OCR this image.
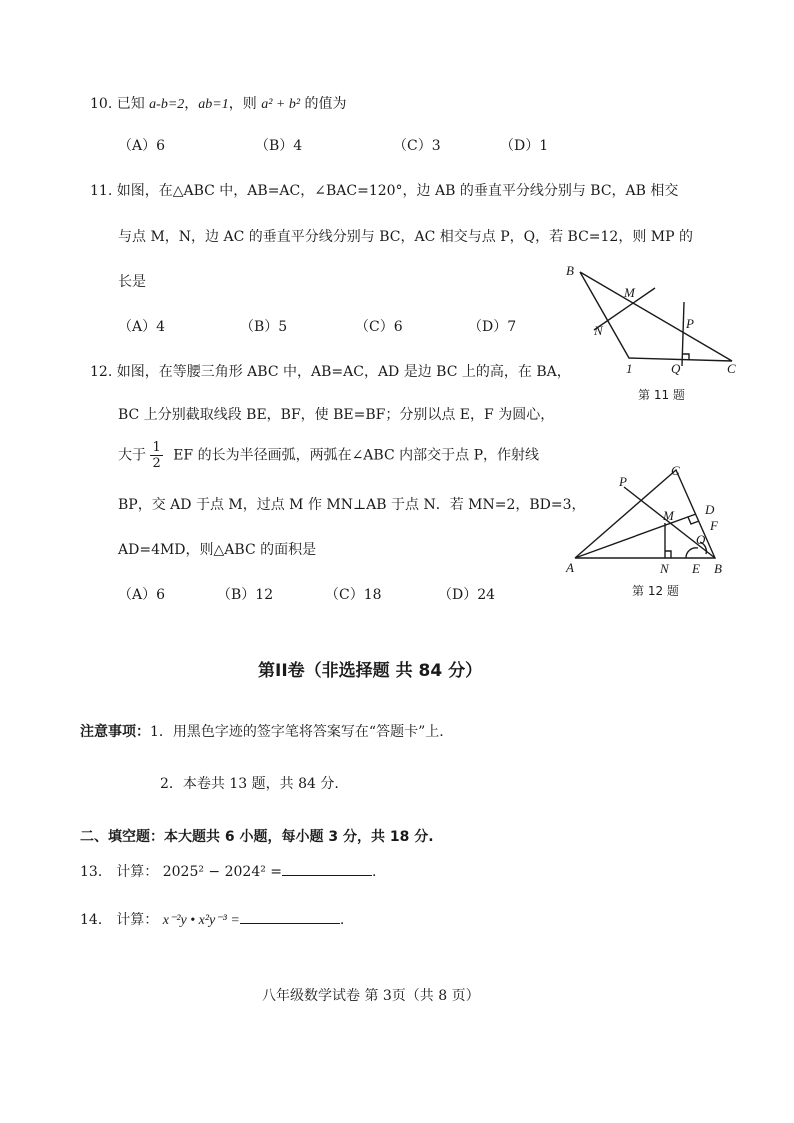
10. 已知 a-b=2，ab=1，则 a² + b² 的值为
（A）6	（B）4	（C）3	（D）1
11. 如图，在△ABC 中，AB=AC，∠BAC=120°，边 AB 的垂直平分线分别与 BC，AB 相交
与点 M，N，边 AC 的垂直平分线分别与 BC，AC 相交与点 P，Q，若 BC=12，则 MP 的
长是
（A）4	（B）5	（C）6	（D）7
B
M
N	P
1	Q	C
第 11 题
12. 如图，在等腰三角形 ABC 中，AB=AC，AD 是边 BC 上的高，在 BA，
BC 上分别截取线段 BE，BF，使 BE=BF；分别以点 E，F 为圆心，
大于 $\frac{1}{2}$ EF 的长为半径画弧，两弧在∠ABC 内部交于点 P，作射线
BP，交 AD 于点 M，过点 M 作 MN⊥AB 于点 N．若 MN=2，BD=3，
AD=4MD，则△ABC 的面积是
（A）6	（B）12	（C）18	（D）24
P
C
D
M
F
O
A	N E B
第 12 题
第II卷（非选择题 共 84 分）
注意事项：1．用黑色字迹的签字笔将答案写在“答题卡”上.
2．本卷共 13 题，共 84 分.
二、填空题：本大题共 6 小题，每小题 3 分，共 18 分.
13． 计算： 2025² − 2024² =	.
14． 计算： x⁻²y • x²y⁻³ =	.
八年级数学试卷 第 3页（共 8 页）
